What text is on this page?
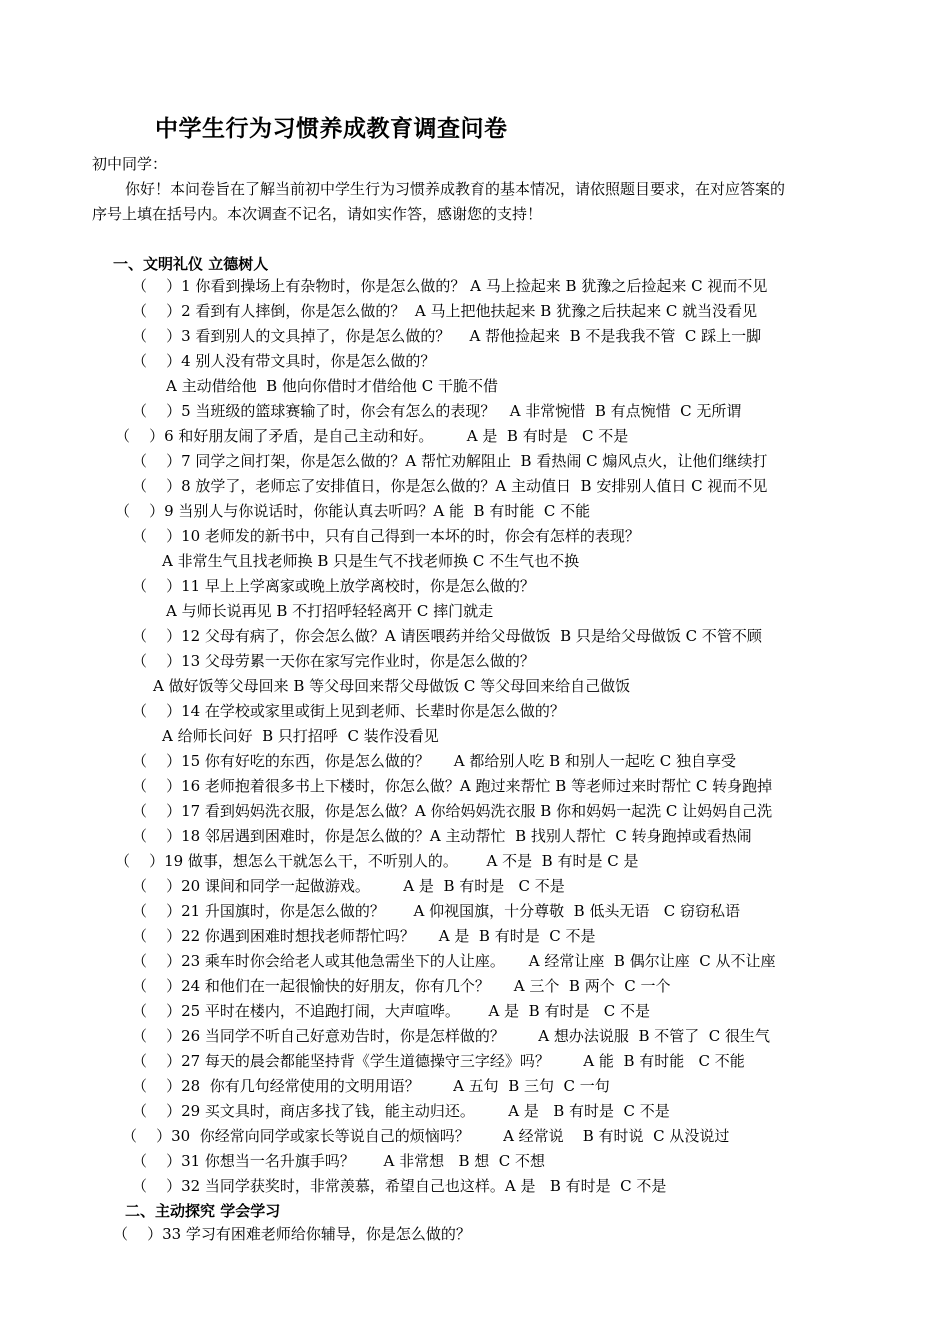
中学生行为习惯养成教育调查问卷
初中同学：
你好！本问卷旨在了解当前初中学生行为习惯养成教育的基本情况，请依照题目要求，在对应答案的
序号上填在括号内。本次调查不记名，请如实作答，感谢您的支持！
一、文明礼仪 立德树人
（    ）1 你看到操场上有杂物时，你是怎么做的？ A 马上捡起来 B 犹豫之后捡起来 C 视而不见
（    ）2 看到有人摔倒，你是怎么做的？  A 马上把他扶起来 B 犹豫之后扶起来 C 就当没看见
（    ）3 看到别人的文具掉了，你是怎么做的？    A 帮他捡起来  B 不是我我不管  C 踩上一脚
（    ）4 别人没有带文具时，你是怎么做的？
A 主动借给他  B 他向你借时才借给他 C 干脆不借
（    ）5 当班级的篮球赛输了时，你会有怎么的表现？   A 非常惋惜  B 有点惋惜  C 无所谓
（    ）6 和好朋友闹了矛盾，是自己主动和好。       A 是  B 有时是   C 不是
（    ）7 同学之间打架，你是怎么做的？A 帮忙劝解阻止  B 看热闹 C 煽风点火，让他们继续打
（    ）8 放学了，老师忘了安排值日，你是怎么做的？A 主动值日  B 安排别人值日 C 视而不见
（    ）9 当别人与你说话时，你能认真去听吗？A 能  B 有时能  C 不能
（    ）10 老师发的新书中，只有自己得到一本坏的时，你会有怎样的表现？
A 非常生气且找老师换 B 只是生气不找老师换 C 不生气也不换
（    ）11 早上上学离家或晚上放学离校时，你是怎么做的？
A 与师长说再见 B 不打招呼轻轻离开 C 摔门就走
（    ）12 父母有病了，你会怎么做？A 请医喂药并给父母做饭  B 只是给父母做饭 C 不管不顾
（    ）13 父母劳累一天你在家写完作业时，你是怎么做的？
A 做好饭等父母回来 B 等父母回来帮父母做饭 C 等父母回来给自己做饭
（    ）14 在学校或家里或街上见到老师、长辈时你是怎么做的？
A 给师长问好  B 只打招呼  C 装作没看见
（    ）15 你有好吃的东西，你是怎么做的？     A 都给别人吃 B 和别人一起吃 C 独自享受
（    ）16 老师抱着很多书上下楼时，你怎么做？A 跑过来帮忙 B 等老师过来时帮忙 C 转身跑掉
（    ）17 看到妈妈洗衣服，你是怎么做？A 你给妈妈洗衣服 B 你和妈妈一起洗 C 让妈妈自己洗
（    ）18 邻居遇到困难时，你是怎么做的？A 主动帮忙  B 找别人帮忙  C 转身跑掉或看热闹
（    ）19 做事，想怎么干就怎么干，不听别人的。      A 不是  B 有时是 C 是
（    ）20 课间和同学一起做游戏。       A 是  B 有时是   C 不是
（    ）21 升国旗时，你是怎么做的？      A 仰视国旗，十分尊敬  B 低头无语   C 窃窃私语
（    ）22 你遇到困难时想找老师帮忙吗？     A 是  B 有时是  C 不是
（    ）23 乘车时你会给老人或其他急需坐下的人让座。     A 经常让座  B 偶尔让座  C 从不让座
（    ）24 和他们在一起很愉快的好朋友，你有几个？     A 三个  B 两个  C 一个
（    ）25 平时在楼内，不追跑打闹，大声喧哗。      A 是  B 有时是   C 不是
（    ）26 当同学不听自己好意劝告时，你是怎样做的？       A 想办法说服  B 不管了  C 很生气
（    ）27 每天的晨会都能坚持背《学生道德操守三字经》吗？       A 能  B 有时能   C 不能
（    ）28  你有几句经常使用的文明用语？       A 五句  B 三句  C 一句
（    ）29 买文具时，商店多找了钱，能主动归还。       A 是   B 有时是  C 不是
（    ）30  你经常向同学或家长等说自己的烦恼吗？       A 经常说    B 有时说  C 从没说过
（    ）31 你想当一名升旗手吗？      A 非常想   B 想  C 不想
（    ）32 当同学获奖时，非常羡慕，希望自己也这样。A 是   B 有时是  C 不是
二、主动探究 学会学习
（    ）33 学习有困难老师给你辅导，你是怎么做的？
